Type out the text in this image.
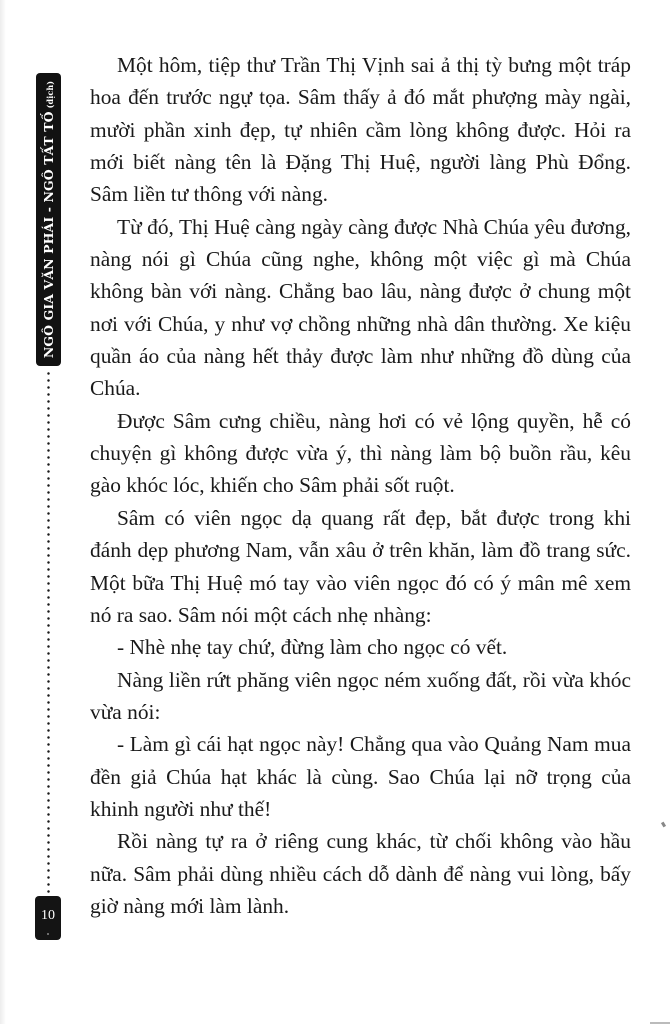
NGÔ GIA VĂN PHÁI - NGÔ TẤT TỐ(dịch)
10

Một hôm, tiệp thư Trần Thị Vịnh sai ả thị tỳ bưng một tráp hoa đến trước ngự tọa. Sâm thấy ả đó mắt phượng mày ngài, mười phần xinh đẹp, tự nhiên cầm lòng không được. Hỏi ra mới biết nàng tên là Đặng Thị Huệ, người làng Phù Đổng. Sâm liền tư thông với nàng.

Từ đó, Thị Huệ càng ngày càng được Nhà Chúa yêu đương, nàng nói gì Chúa cũng nghe, không một việc gì mà Chúa không bàn với nàng. Chẳng bao lâu, nàng được ở chung một nơi với Chúa, y như vợ chồng những nhà dân thường. Xe kiệu quần áo của nàng hết thảy được làm như những đồ dùng của Chúa.

Được Sâm cưng chiều, nàng hơi có vẻ lộng quyền, hễ có chuyện gì không được vừa ý, thì nàng làm bộ buồn rầu, kêu gào khóc lóc, khiến cho Sâm phải sốt ruột.

Sâm có viên ngọc dạ quang rất đẹp, bắt được trong khi đánh dẹp phương Nam, vẫn xâu ở trên khăn, làm đồ trang sức. Một bữa Thị Huệ mó tay vào viên ngọc đó có ý mân mê xem nó ra sao. Sâm nói một cách nhẹ nhàng:

- Nhè nhẹ tay chứ, đừng làm cho ngọc có vết.

Nàng liền rứt phăng viên ngọc ném xuống đất, rồi vừa khóc vừa nói:

- Làm gì cái hạt ngọc này! Chẳng qua vào Quảng Nam mua đền giả Chúa hạt khác là cùng. Sao Chúa lại nỡ trọng của khinh người như thế!

Rồi nàng tự ra ở riêng cung khác, từ chối không vào hầu nữa. Sâm phải dùng nhiều cách dỗ dành để nàng vui lòng, bấy giờ nàng mới làm lành.
